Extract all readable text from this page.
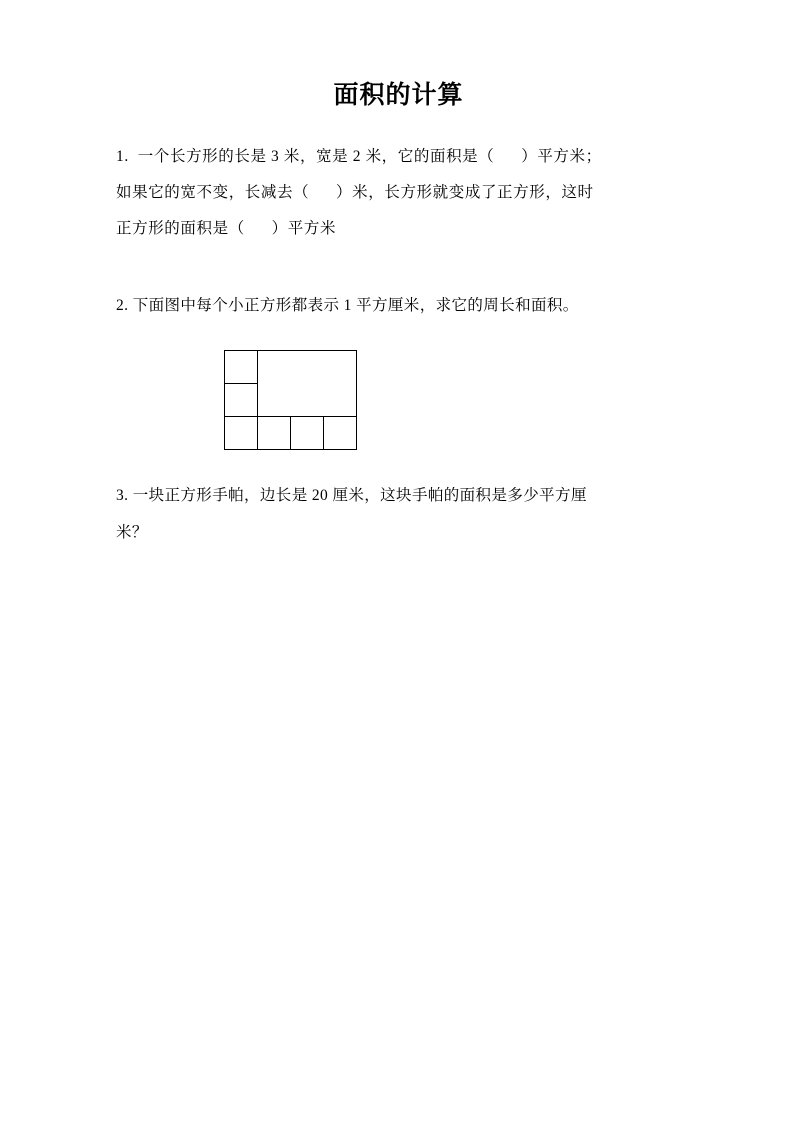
面积的计算
1.  一个长方形的长是 3 米，宽是 2 米，它的面积是（      ）平方米；
如果它的宽不变，长减去（      ）米，长方形就变成了正方形，这时
正方形的面积是（      ）平方米
2. 下面图中每个小正方形都表示 1 平方厘米，求它的周长和面积。
3. 一块正方形手帕，边长是 20 厘米，这块手帕的面积是多少平方厘
米？
